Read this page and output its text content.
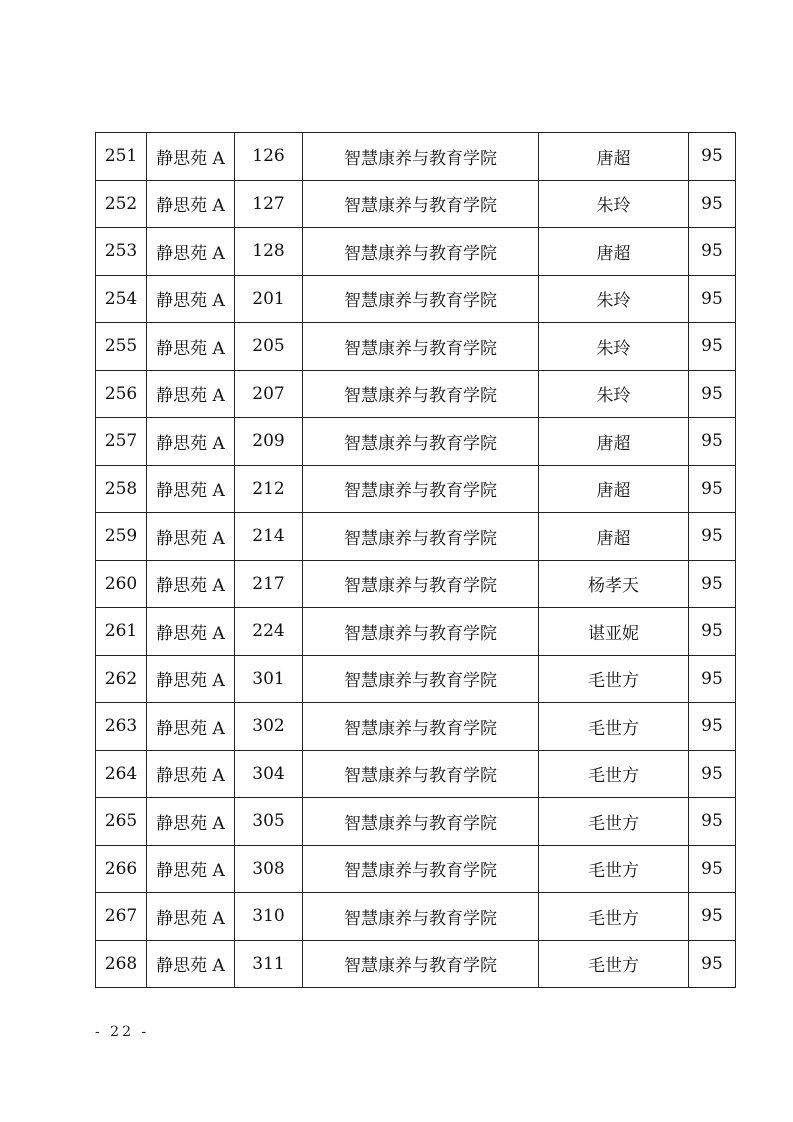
251	静思苑 A	126	智慧康养与教育学院	唐超	95
252	静思苑 A	127	智慧康养与教育学院	朱玲	95
253	静思苑 A	128	智慧康养与教育学院	唐超	95
254	静思苑 A	201	智慧康养与教育学院	朱玲	95
255	静思苑 A	205	智慧康养与教育学院	朱玲	95
256	静思苑 A	207	智慧康养与教育学院	朱玲	95
257	静思苑 A	209	智慧康养与教育学院	唐超	95
258	静思苑 A	212	智慧康养与教育学院	唐超	95
259	静思苑 A	214	智慧康养与教育学院	唐超	95
260	静思苑 A	217	智慧康养与教育学院	杨孝天	95
261	静思苑 A	224	智慧康养与教育学院	谌亚妮	95
262	静思苑 A	301	智慧康养与教育学院	毛世方	95
263	静思苑 A	302	智慧康养与教育学院	毛世方	95
264	静思苑 A	304	智慧康养与教育学院	毛世方	95
265	静思苑 A	305	智慧康养与教育学院	毛世方	95
266	静思苑 A	308	智慧康养与教育学院	毛世方	95
267	静思苑 A	310	智慧康养与教育学院	毛世方	95
268	静思苑 A	311	智慧康养与教育学院	毛世方	95
- 22 -
